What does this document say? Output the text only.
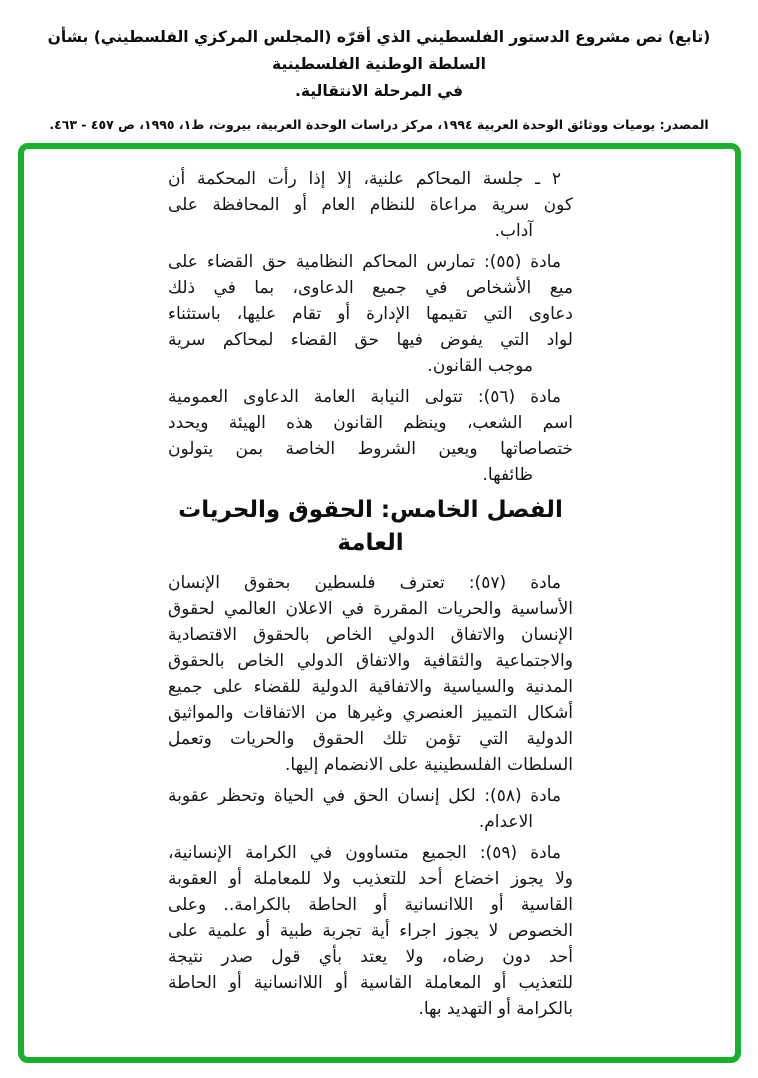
(تابع) نص مشروع الدستور الفلسطيني الذي أقرّه (المجلس المركزي الفلسطيني) بشأن السلطة الوطنية الفلسطينية
في المرحلة الانتقالية.
المصدر: يوميات ووثائق الوحدة العربية ١٩٩٤، مركز دراسات الوحدة العربية، بيروت، ط١، ١٩٩٥، ص ٤٥٧ - ٤٦٣.
٢ ـ جلسة المحاكم علنية، إلا إذا رأت المحكمة أن
كون سرية مراعاة للنظام العام أو المحافظة على
آداب.
مادة (٥٥): تمارس المحاكم النظامية حق القضاء على
ميع الأشخاص في جميع الدعاوى، بما في ذلك
دعاوى التي تقيمها الإدارة أو تقام عليها، باستثناء
لواد التي يفوض فيها حق القضاء لمحاكم سرية
موجب القانون.
مادة (٥٦): تتولى النيابة العامة الدعاوى العمومية
اسم الشعب، وينظم القانون هذه الهيئة ويحدد
ختصاصاتها ويعين الشروط الخاصة بمن يتولون
ظائفها.
الفصل الخامس: الحقوق والحريات
العامة
مادة (٥٧): تعترف فلسطين بحقوق الإنسان
الأساسية والحريات المقررة في الاعلان العالمي لحقوق
الإنسان والاتفاق الدولي الخاص بالحقوق الاقتصادية
والاجتماعية والثقافية والاتفاق الدولي الخاص بالحقوق
المدنية والسياسية والاتفاقية الدولية للقضاء على جميع
أشكال التمييز العنصري وغيرها من الاتفاقات والمواثيق
الدولية التي تؤمن تلك الحقوق والحريات وتعمل
السلطات الفلسطينية على الانضمام إليها.
مادة (٥٨): لكل إنسان الحق في الحياة وتحظر عقوبة
الاعدام.
مادة (٥٩): الجميع متساوون في الكرامة الإنسانية،
ولا يجوز اخضاع أحد للتعذيب ولا للمعاملة أو العقوبة
القاسية أو اللاانسانية أو الحاطة بالكرامة.. وعلى
الخصوص لا يجوز اجراء أية تجربة طبية أو علمية على
أحد دون رضاه، ولا يعتد بأي قول صدر نتيجة
للتعذيب أو المعاملة القاسية أو اللاانسانية أو الحاطة
بالكرامة أو التهديد بها.
